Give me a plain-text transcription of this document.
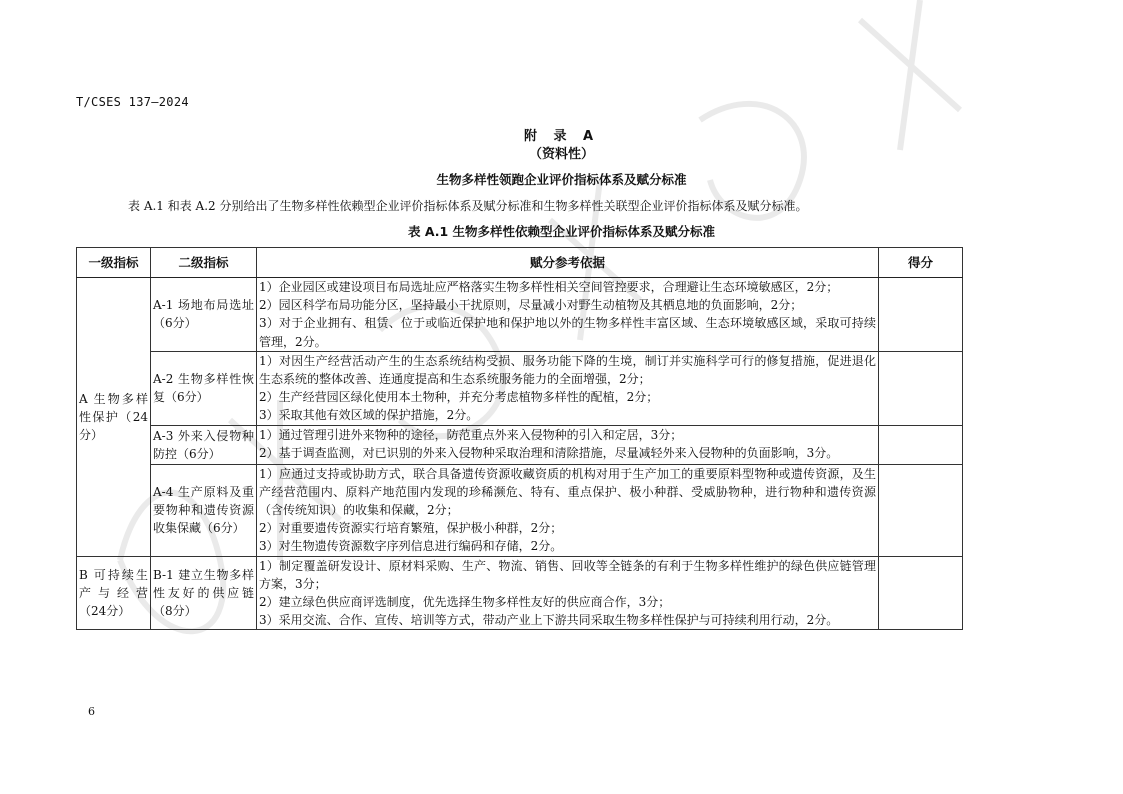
T/CSES 137—2024
附 录 A
（资料性）
生物多样性领跑企业评价指标体系及赋分标准
表 A.1 和表 A.2 分别给出了生物多样性依赖型企业评价指标体系及赋分标准和生物多样性关联型企业评价指标体系及赋分标准。
表 A.1 生物多样性依赖型企业评价指标体系及赋分标准
一级指标	二级指标	赋分参考依据	得分
A 生物多样性保护（24分）	A-1 场地布局选址（6分）	1）企业园区或建设项目布局选址应严格落实生物多样性相关空间管控要求，合理避让生态环境敏感区，2分；
2）园区科学布局功能分区，坚持最小干扰原则，尽量减小对野生动植物及其栖息地的负面影响，2分；
3）对于企业拥有、租赁、位于或临近保护地和保护地以外的生物多样性丰富区域、生态环境敏感区域，采取可持续管理，2分。	

	A-2 生物多样性恢复（6分）	1）对因生产经营活动产生的生态系统结构受损、服务功能下降的生境，制订并实施科学可行的修复措施，促进退化生态系统的整体改善、连通度提高和生态系统服务能力的全面增强，2分；
2）生产经营园区绿化使用本土物种，并充分考虑植物多样性的配植，2分；
3）采取其他有效区域的保护措施，2分。	

	A-3 外来入侵物种防控（6分）	1）通过管理引进外来物种的途径，防范重点外来入侵物种的引入和定居，3分；
2）基于调查监测，对已识别的外来入侵物种采取治理和清除措施，尽量减轻外来入侵物种的负面影响，3分。	

	A-4 生产原料及重要物种和遗传资源收集保藏（6分）	1）应通过支持或协助方式，联合具备遗传资源收藏资质的机构对用于生产加工的重要原料型物种或遗传资源，及生产经营范围内、原料产地范围内发现的珍稀濒危、特有、重点保护、极小种群、受威胁物种，进行物种和遗传资源（含传统知识）的收集和保藏，2分；
2）对重要遗传资源实行培育繁殖，保护极小种群，2分；
3）对生物遗传资源数字序列信息进行编码和存储，2分。	

B 可持续生产与经营（24分）	B-1 建立生物多样性友好的供应链（8分）	1）制定覆盖研发设计、原材料采购、生产、物流、销售、回收等全链条的有利于生物多样性维护的绿色供应链管理方案，3分；
2）建立绿色供应商评选制度，优先选择生物多样性友好的供应商合作，3分；
3）采用交流、合作、宣传、培训等方式，带动产业上下游共同采取生物多样性保护与可持续利用行动，2分。	

6
